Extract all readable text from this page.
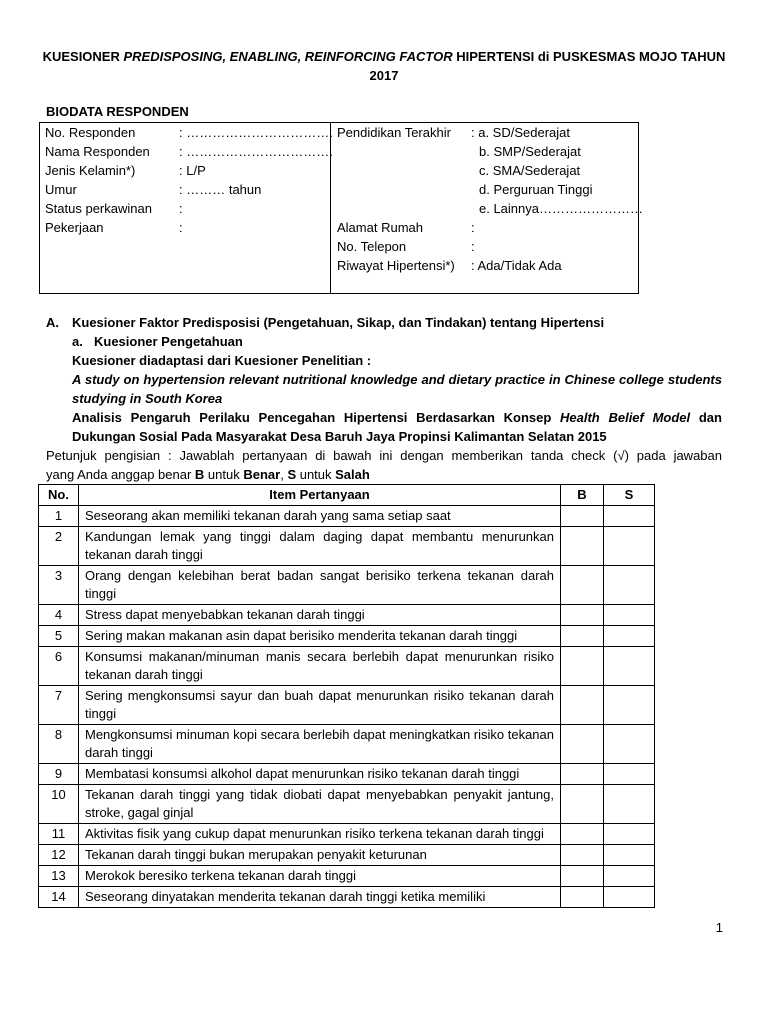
KUESIONER PREDISPOSING, ENABLING, REINFORCING FACTOR HIPERTENSI di PUSKESMAS MOJO TAHUN 2017
BIODATA RESPONDEN
No. Responden	: …………………………….
Nama Responden : …………………………….
Jenis Kelamin*)	: L/P
Umur	: ……… tahun
Status perkawinan :
Pekerjaan	:
Pendidikan Terakhir : a. SD/Sederajat
b. SMP/Sederajat
c. SMA/Sederajat
d. Perguruan Tinggi
e. Lainnya……………………
Alamat Rumah	:
No. Telepon	:
Riwayat Hipertensi*) : Ada/Tidak Ada
A. Kuesioner Faktor Predisposisi (Pengetahuan, Sikap, dan Tindakan) tentang Hipertensi
a. Kuesioner Pengetahuan
Kuesioner diadaptasi dari Kuesioner Penelitian :
A study on hypertension relevant nutritional knowledge and dietary practice in Chinese college students
studying in South Korea
Analisis Pengaruh Perilaku Pencegahan Hipertensi Berdasarkan Konsep Health Belief Model dan
Dukungan Sosial Pada Masyarakat Desa Baruh Jaya Propinsi Kalimantan Selatan 2015
Petunjuk pengisian : Jawablah pertanyaan di bawah ini dengan memberikan tanda check (√) pada jawaban
yang Anda anggap benar B untuk Benar, S untuk Salah
No.	Item Pertanyaan	B	S
1	Seseorang akan memiliki tekanan darah yang sama setiap saat		
2	Kandungan lemak yang tinggi dalam daging dapat membantu menurunkan tekanan darah tinggi		
3	Orang dengan kelebihan berat badan sangat berisiko terkena tekanan darah tinggi		
4	Stress dapat menyebabkan tekanan darah tinggi		
5	Sering makan makanan asin dapat berisiko menderita tekanan darah tinggi		
6	Konsumsi makanan/minuman manis secara berlebih dapat menurunkan risiko tekanan darah tinggi		
7	Sering mengkonsumsi sayur dan buah dapat menurunkan risiko tekanan darah tinggi		
8	Mengkonsumsi minuman kopi secara berlebih dapat meningkatkan risiko tekanan darah tinggi		
9	Membatasi konsumsi alkohol dapat menurunkan risiko tekanan darah tinggi		
10	Tekanan darah tinggi yang tidak diobati dapat menyebabkan penyakit jantung, stroke, gagal ginjal		
11	Aktivitas fisik yang cukup dapat menurunkan risiko terkena tekanan darah tinggi		
12	Tekanan darah tinggi bukan merupakan penyakit keturunan		
13	Merokok beresiko terkena tekanan darah tinggi		
14	Seseorang dinyatakan menderita tekanan darah tinggi ketika memiliki		
1
